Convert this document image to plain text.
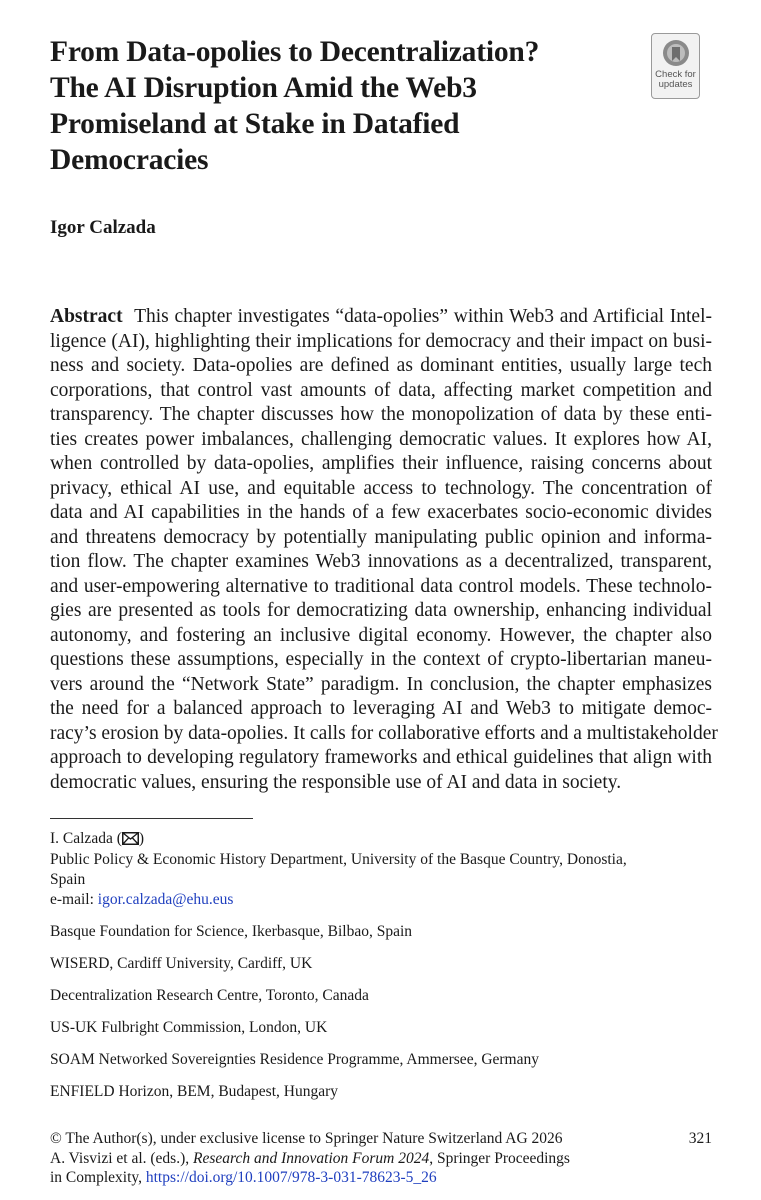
From Data-opolies to Decentralization?
The AI Disruption Amid the Web3
Promiseland at Stake in Datafied
Democracies
Check for
updates

Igor Calzada

Abstract This chapter investigates “data-opolies” within Web3 and Artificial Intel-
ligence (AI), highlighting their implications for democracy and their impact on busi-
ness and society. Data-opolies are defined as dominant entities, usually large tech
corporations, that control vast amounts of data, affecting market competition and
transparency. The chapter discusses how the monopolization of data by these enti-
ties creates power imbalances, challenging democratic values. It explores how AI,
when controlled by data-opolies, amplifies their influence, raising concerns about
privacy, ethical AI use, and equitable access to technology. The concentration of
data and AI capabilities in the hands of a few exacerbates socio-economic divides
and threatens democracy by potentially manipulating public opinion and informa-
tion flow. The chapter examines Web3 innovations as a decentralized, transparent,
and user-empowering alternative to traditional data control models. These technolo-
gies are presented as tools for democratizing data ownership, enhancing individual
autonomy, and fostering an inclusive digital economy. However, the chapter also
questions these assumptions, especially in the context of crypto-libertarian maneu-
vers around the “Network State” paradigm. In conclusion, the chapter emphasizes
the need for a balanced approach to leveraging AI and Web3 to mitigate democ-
racy’s erosion by data-opolies. It calls for collaborative efforts and a multistakeholder
approach to developing regulatory frameworks and ethical guidelines that align with
democratic values, ensuring the responsible use of AI and data in society.

I. Calzada ( )

Public Policy & Economic History Department, University of the Basque Country, Donostia,

Spain

e-mail: igor.calzada@ehu.eus

Basque Foundation for Science, Ikerbasque, Bilbao, Spain

WISERD, Cardiff University, Cardiff, UK

Decentralization Research Centre, Toronto, Canada

US-UK Fulbright Commission, London, UK

SOAM Networked Sovereignties Residence Programme, Ammersee, Germany

ENFIELD Horizon, BEM, Budapest, Hungary

© The Author(s), under exclusive license to Springer Nature Switzerland AG 2026
A. Visvizi et al. (eds.), Research and Innovation Forum 2024, Springer Proceedings
in Complexity, https://doi.org/10.1007/978-3-031-78623-5_26
321
